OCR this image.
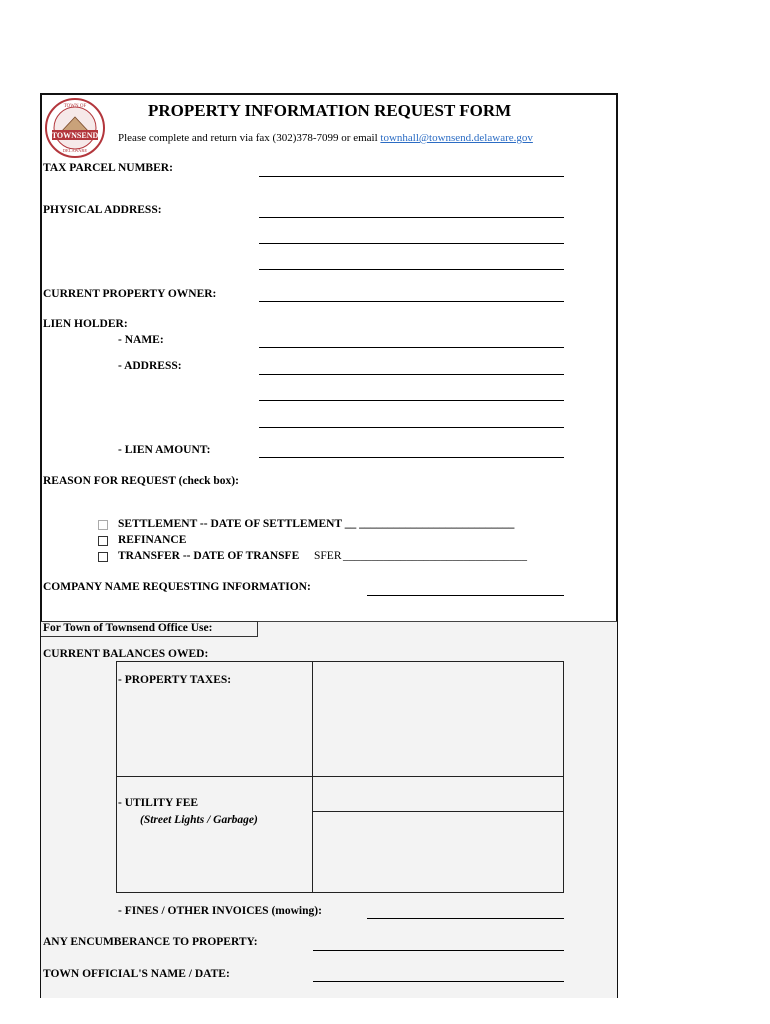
TOWNSEND
TOWN OF
DELAWARE
PROPERTY INFORMATION REQUEST FORM
Please complete and return via fax (302)378-7099 or email townhall@townsend.delaware.gov
TAX PARCEL NUMBER:
PHYSICAL ADDRESS:
CURRENT PROPERTY OWNER:
LIEN HOLDER:
- NAME:
- ADDRESS:
- LIEN AMOUNT:
REASON FOR REQUEST (check box):
SETTLEMENT -- DATE OF SETTLEMENT __ ___________________________
REFINANCE
TRANSFER -- DATE OF TRANSFE SFER ________________________________
COMPANY NAME REQUESTING INFORMATION:
For Town of Townsend Office Use:
CURRENT BALANCES OWED:
- PROPERTY TAXES:
- UTILITY FEE
(Street Lights / Garbage)
- FINES / OTHER INVOICES (mowing):
ANY ENCUMBERANCE TO PROPERTY:
TOWN OFFICIAL'S NAME / DATE:
